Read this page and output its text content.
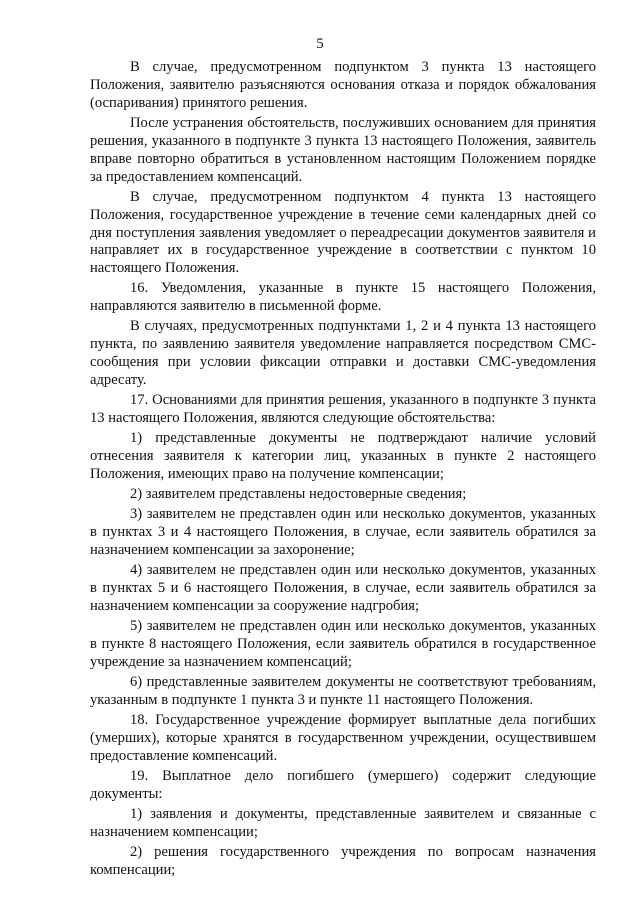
5

В случае, предусмотренном подпунктом 3 пункта 13 настоящего Положения, заявителю разъясняются основания отказа и порядок обжалования (оспаривания) принятого решения.

После устранения обстоятельств, послуживших основанием для принятия решения, указанного в подпункте 3 пункта 13 настоящего Положения, заявитель вправе повторно обратиться в установленном настоящим Положением порядке за предоставлением компенсаций.

В случае, предусмотренном подпунктом 4 пункта 13 настоящего Положения, государственное учреждение в течение семи календарных дней со дня поступления заявления уведомляет о переадресации документов заявителя и направляет их в государственное учреждение в соответствии с пунктом 10 настоящего Положения.

16. Уведомления, указанные в пункте 15 настоящего Положения, направляются заявителю в письменной форме.

В случаях, предусмотренных подпунктами 1, 2 и 4 пункта 13 настоящего пункта, по заявлению заявителя уведомление направляется посредством СМС-сообщения при условии фиксации отправки и доставки СМС-уведомления адресату.

17. Основаниями для принятия решения, указанного в подпункте 3 пункта 13 настоящего Положения, являются следующие обстоятельства:

1) представленные документы не подтверждают наличие условий отнесения заявителя к категории лиц, указанных в пункте 2 настоящего Положения, имеющих право на получение компенсации;

2) заявителем представлены недостоверные сведения;

3) заявителем не представлен один или несколько документов, указанных в пунктах 3 и 4 настоящего Положения, в случае, если заявитель обратился за назначением компенсации за захоронение;

4) заявителем не представлен один или несколько документов, указанных в пунктах 5 и 6 настоящего Положения, в случае, если заявитель обратился за назначением компенсации за сооружение надгробия;

5) заявителем не представлен один или несколько документов, указанных в пункте 8 настоящего Положения, если заявитель обратился в государственное учреждение за назначением компенсаций;

6) представленные заявителем документы не соответствуют требованиям, указанным в подпункте 1 пункта 3 и пункте 11 настоящего Положения.

18. Государственное учреждение формирует выплатные дела погибших (умерших), которые хранятся в государственном учреждении, осуществившем предоставление компенсаций.

19. Выплатное дело погибшего (умершего) содержит следующие документы:

1) заявления и документы, представленные заявителем и связанные с назначением компенсации;

2) решения государственного учреждения по вопросам назначения компенсации;
